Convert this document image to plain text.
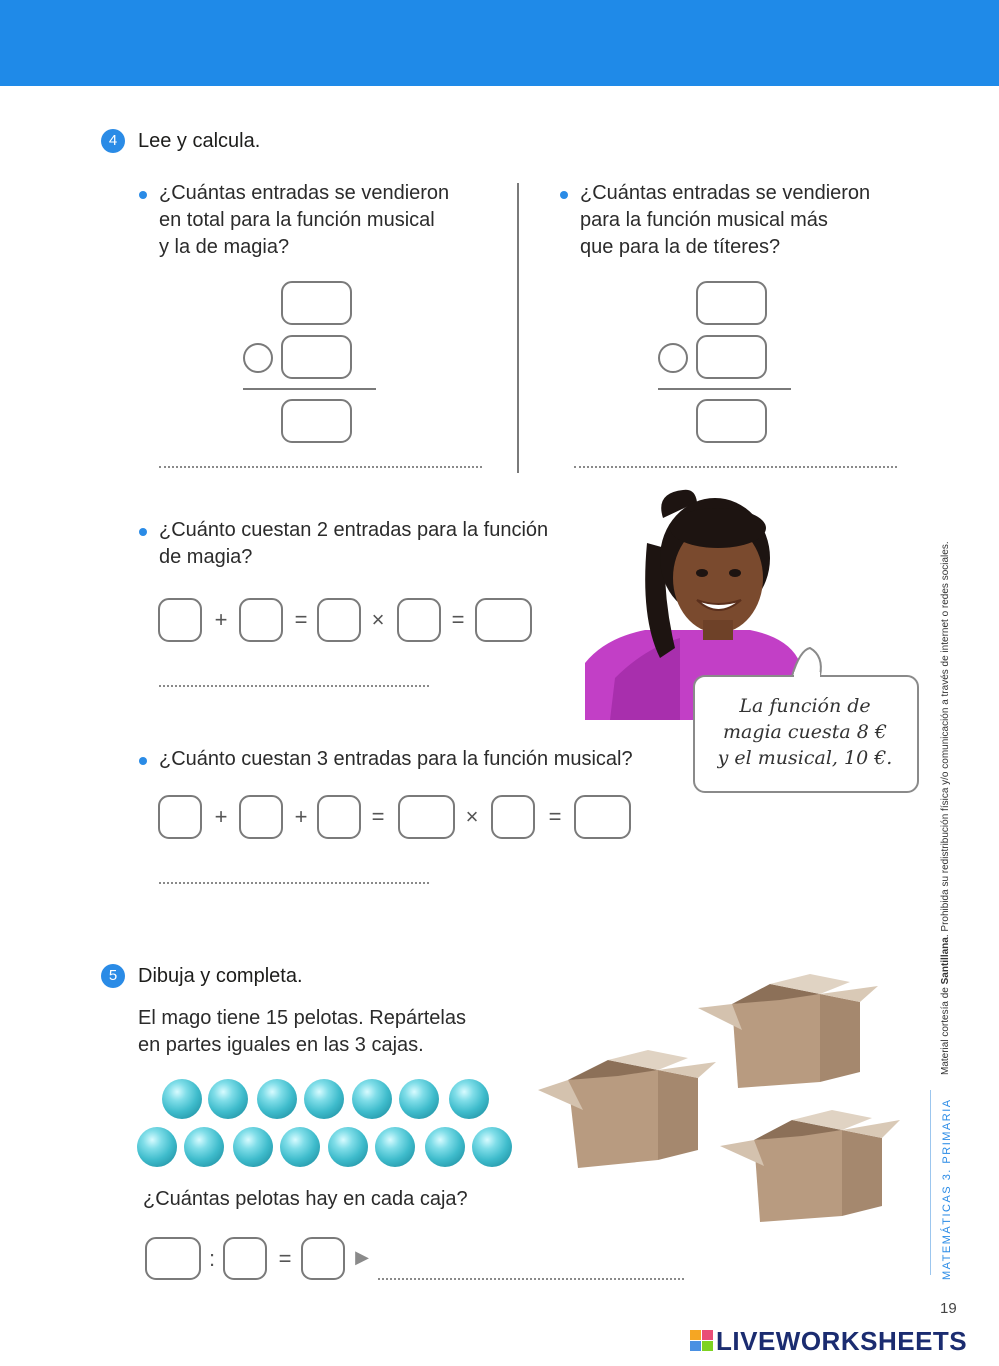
4	Lee y calcula.
¿Cuántas entradas se vendieron
en total para la función musical
y la de magia?
¿Cuántas entradas se vendieron
para la función musical más
que para la de títeres?
¿Cuánto cuestan 2 entradas para la función
de magia?
+	=	×	=
La función de
magia cuesta 8 €
y el musical, 10 €.
¿Cuánto cuestan 3 entradas para la función musical?
+	+	=	×	=
5	Dibuja y completa.
El mago tiene 15 pelotas. Repártelas
en partes iguales en las 3 cajas.
¿Cuántas pelotas hay en cada caja?
:	=	▶
Material cortesía de Santillana. Prohibida su redistribución física y/o comunicación a través de internet o redes sociales.
MATEMÁTICAS 3. PRIMARIA
19
LIVEWORKSHEETS
